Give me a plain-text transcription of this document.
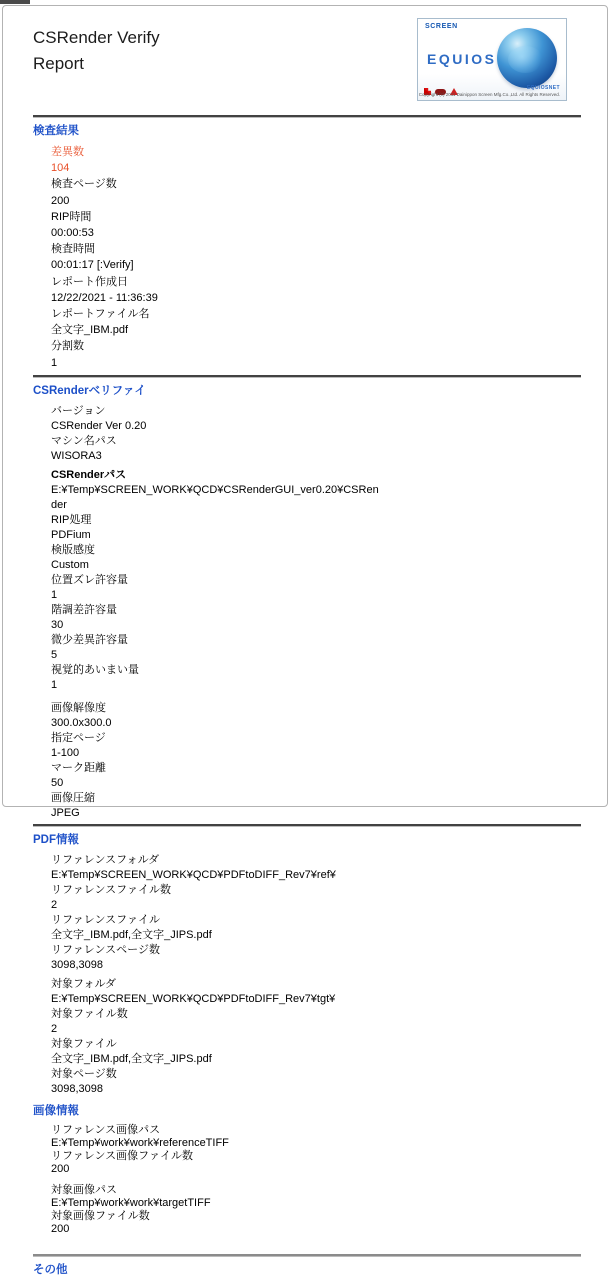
CSRender Verify
Report
SCREEN
EQUIOS
EQUIOSNET
Copyright (c) 2011 Dainippon Screen Mfg.Co.,Ltd. All Rights Reserved.
検査結果
差異数104
検査ページ数200
RIP時間00:00:53
検査時間00:01:17 [:Verify]
レポート作成日12/22/2021 - 11:36:39
レポートファイル名全文字_IBM.pdf
分割数1
CSRenderベリファイ
バージョンCSRender Ver 0.20
マシン名パスWISORA3
CSRenderパスE:¥Temp¥SCREEN_WORK¥QCD¥CSRenderGUI_ver0.20¥CSRender
RIP処理PDFium
検版感度Custom
位置ズレ許容量1
階調差許容量30
微少差異許容量5
視覚的あいまい量1
画像解像度300.0x300.0
指定ページ1-100
マーク距離50
画像圧縮JPEG
PDF情報
リファレンスフォルダE:¥Temp¥SCREEN_WORK¥QCD¥PDFtoDIFF_Rev7¥ref¥
リファレンスファイル数2
リファレンスファイル全文字_IBM.pdf,全文字_JIPS.pdf
リファレンスページ数3098,3098
対象フォルダE:¥Temp¥SCREEN_WORK¥QCD¥PDFtoDIFF_Rev7¥tgt¥
対象ファイル数2
対象ファイル全文字_IBM.pdf,全文字_JIPS.pdf
対象ページ数3098,3098
画像情報
リファレンス画像パスE:¥Temp¥work¥work¥referenceTIFF
リファレンス画像ファイル数200
対象画像パスE:¥Temp¥work¥work¥targetTIFF
対象画像ファイル数200
その他
